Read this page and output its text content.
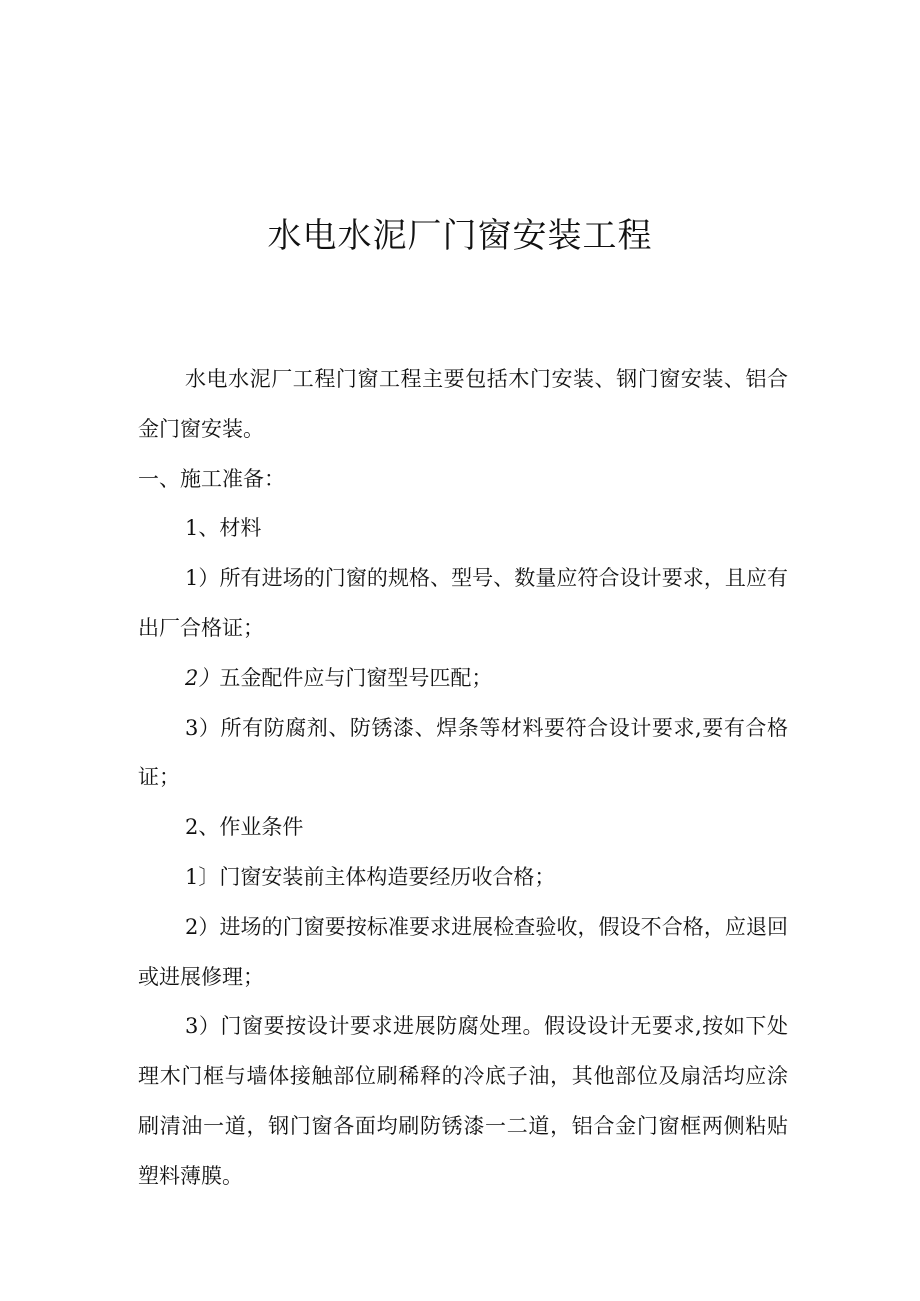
水电水泥厂门窗安装工程

水电水泥厂工程门窗工程主要包括木门安装、钢门窗安装、铝合金门窗安装。

一、施工准备：

1、材料

1）所有进场的门窗的规格、型号、数量应符合设计要求，且应有出厂合格证；

2）五金配件应与门窗型号匹配；

3）所有防腐剂、防锈漆、焊条等材料要符合设计要求,要有合格证；

2、作业条件

1〕门窗安装前主体构造要经历收合格；

2）进场的门窗要按标准要求进展检查验收，假设不合格，应退回或进展修理；

3）门窗要按设计要求进展防腐处理。假设设计无要求,按如下处理木门框与墙体接触部位刷稀释的冷底子油，其他部位及扇活均应涂刷清油一道，钢门窗各面均刷防锈漆一二道，铝合金门窗框两侧粘贴塑料薄膜。
